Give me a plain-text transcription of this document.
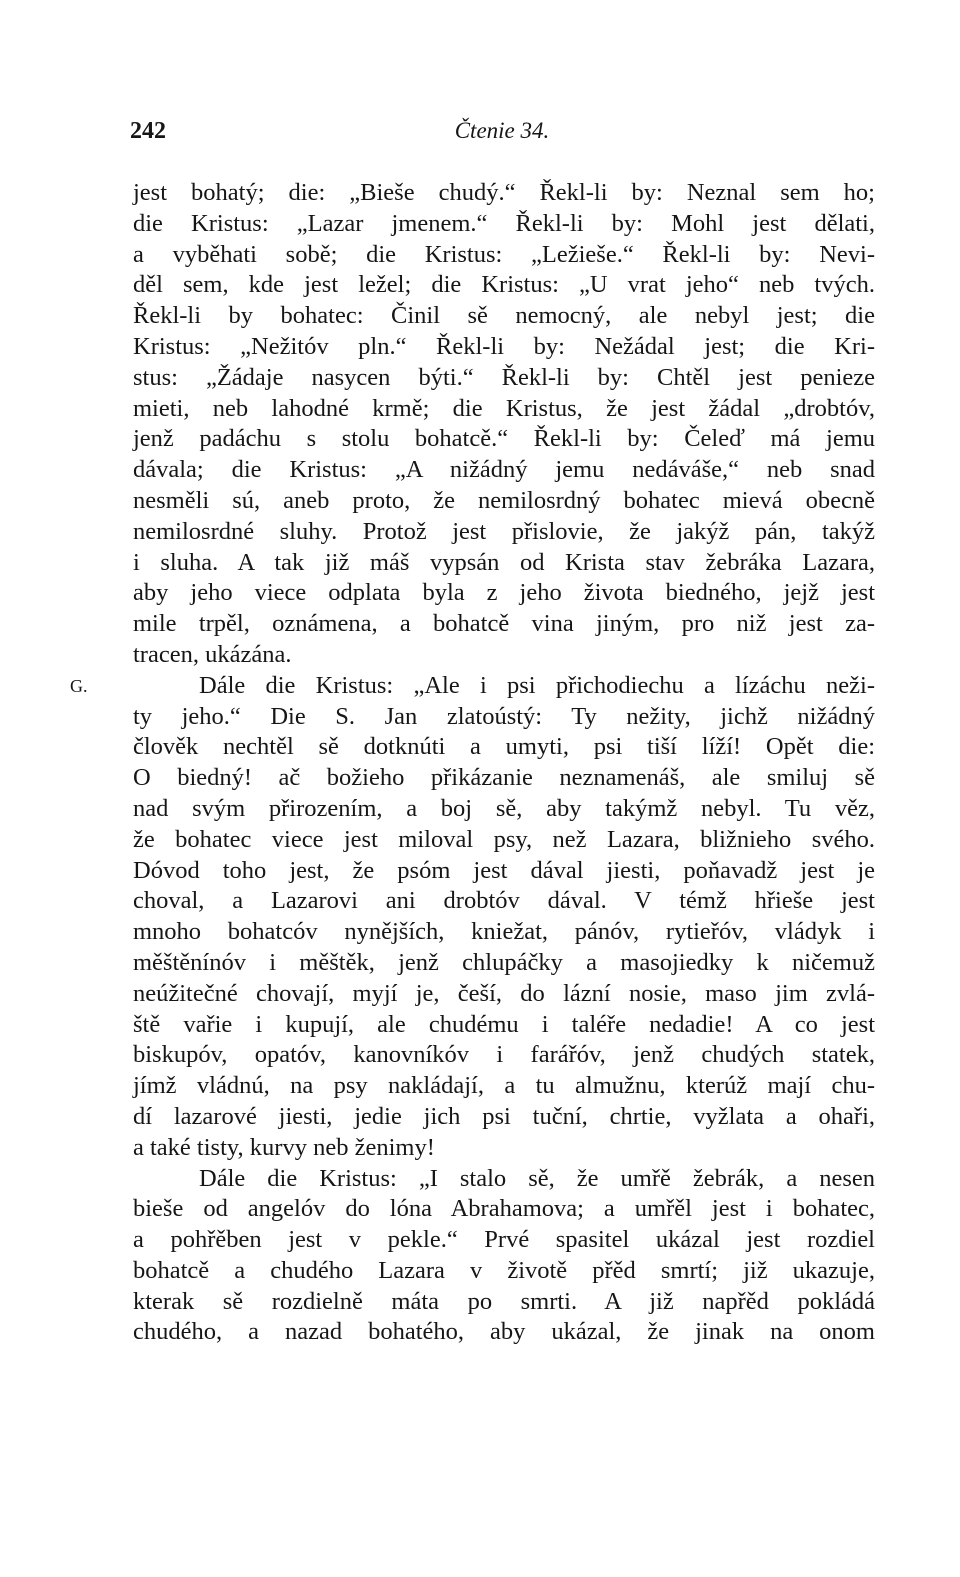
242	Čtenie 34.
jest bohatý; die: „Bieše chudý.“ Řekl-li by: Neznal sem ho;
die Kristus: „Lazar jmenem.“ Řekl-li by: Mohl jest dělati,
a vyběhati sobě; die Kristus: „Ležieše.“ Řekl-li by: Nevi-
děl sem, kde jest ležel; die Kristus: „U vrat jeho“ neb tvých.
Řekl-li by bohatec: Činil sě nemocný, ale nebyl jest; die
Kristus: „Nežitóv pln.“ Řekl-li by: Nežádal jest; die Kri-
stus: „Žádaje nasycen býti.“ Řekl-li by: Chtěl jest penieze
mieti, neb lahodné krmě; die Kristus, že jest žádal „drobtóv,
jenž padáchu s stolu bohatcě.“ Řekl-li by: Čeleď má jemu
dávala; die Kristus: „A nižádný jemu nedáváše,“ neb snad
nesměli sú, aneb proto, že nemilosrdný bohatec mievá obecně
nemilosrdné sluhy. Protož jest přislovie, že jakýž pán, takýž
i sluha. A tak již máš vypsán od Krista stav žebráka Lazara,
aby jeho viece odplata byla z jeho života biedného, jejž jest
mile trpěl, oznámena, a bohatcě vina jiným, pro niž jest za-
tracen, ukázána.
G.	Dále die Kristus: „Ale i psi přichodiechu a lízáchu neži-
ty jeho.“ Die S. Jan zlatoústý: Ty nežity, jichž nižádný
člověk nechtěl sě dotknúti a umyti, psi tiší líží! Opět die:
O biedný! ač božieho přikázanie neznamenáš, ale smiluj sě
nad svým přirozením, a boj sě, aby takýmž nebyl. Tu věz,
že bohatec viece jest miloval psy, než Lazara, bližnieho svého.
Dóvod toho jest, že psóm jest dával jiesti, poňavadž jest je
choval, a Lazarovi ani drobtóv dával. V témž hřieše jest
mnoho bohatcóv nynějších, kniežat, pánóv, rytieřóv, vládyk i
měštěnínóv i měštěk, jenž chlupáčky a masojiedky k ničemuž
neúžitečné chovají, myjí je, češí, do lázní nosie, maso jim zvlá-
ště vařie i kupují, ale chudému i taléře nedadie! A co jest
biskupóv, opatóv, kanovníkóv i farářóv, jenž chudých statek,
jímž vládnú, na psy nakládají, a tu almužnu, kterúž mají chu-
dí lazarové jiesti, jedie jich psi tuční, chrtie, vyžlata a ohaři,
a také tisty, kurvy neb ženimy!
Dále die Kristus: „I stalo sě, že umřě žebrák, a nesen
bieše od angelóv do lóna Abrahamova; a umřěl jest i bohatec,
a pohřěben jest v pekle.“ Prvé spasitel ukázal jest rozdiel
bohatcě a chudého Lazara v životě přěd smrtí; již ukazuje,
kterak sě rozdielně máta po smrti. A již napřěd pokládá
chudého, a nazad bohatého, aby ukázal, že jinak na onom
